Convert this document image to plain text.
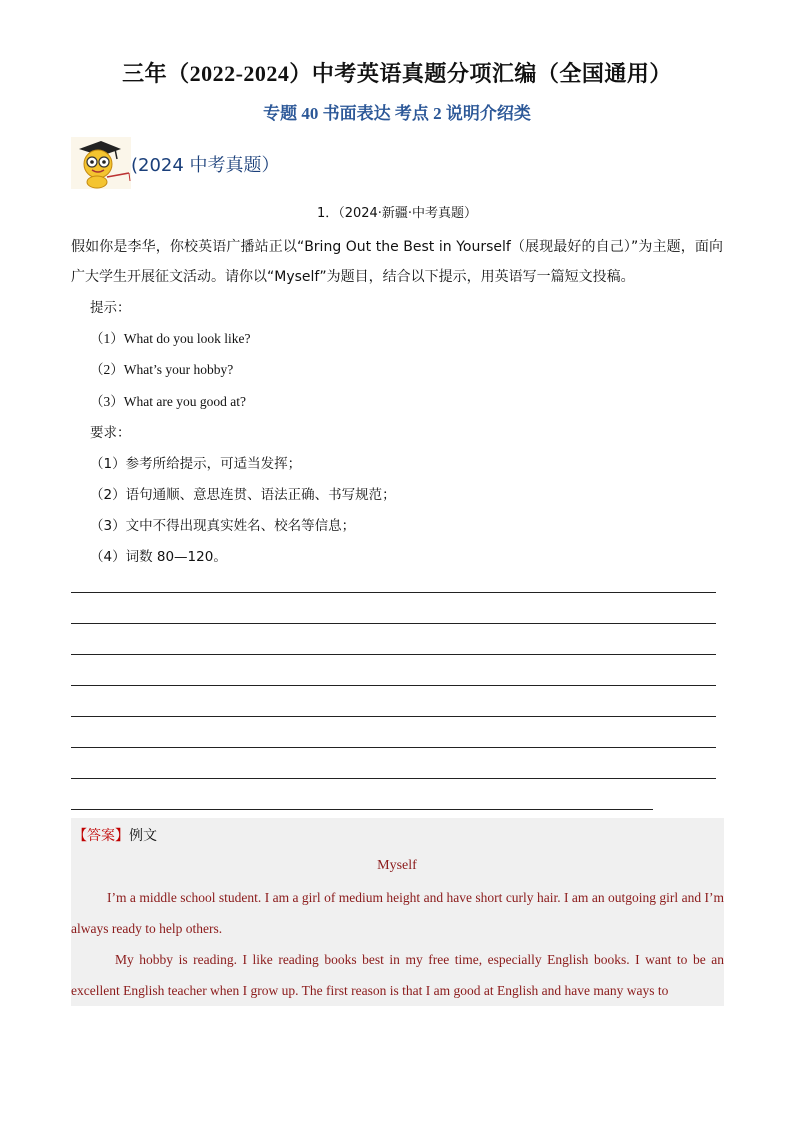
三年（2022-2024）中考英语真题分项汇编（全国通用）
专题 40 书面表达 考点 2 说明介绍类
(2024 中考真题）
1．（2024·新疆·中考真题）
假如你是李华，你校英语广播站正以“Bring Out the Best in Yourself（展现最好的自己）”为主题，面向广大学生开展征文活动。请你以“Myself”为题目，结合以下提示，用英语写一篇短文投稿。
提示：
（1）What do you look like?
（2）What’s your hobby?
（3）What are you good at?
要求：
（1）参考所给提示，可适当发挥；
（2）语句通顺、意思连贯、语法正确、书写规范；
（3）文中不得出现真实姓名、校名等信息；
（4）词数 80—120。
【答案】例文
Myself
I’m a middle school student. I am a girl of medium height and have short curly hair. I am an outgoing girl and I’m always ready to help others.
My hobby is reading. I like reading books best in my free time, especially English books. I want to be an excellent English teacher when I grow up. The first reason is that I am good at English and have many ways to
